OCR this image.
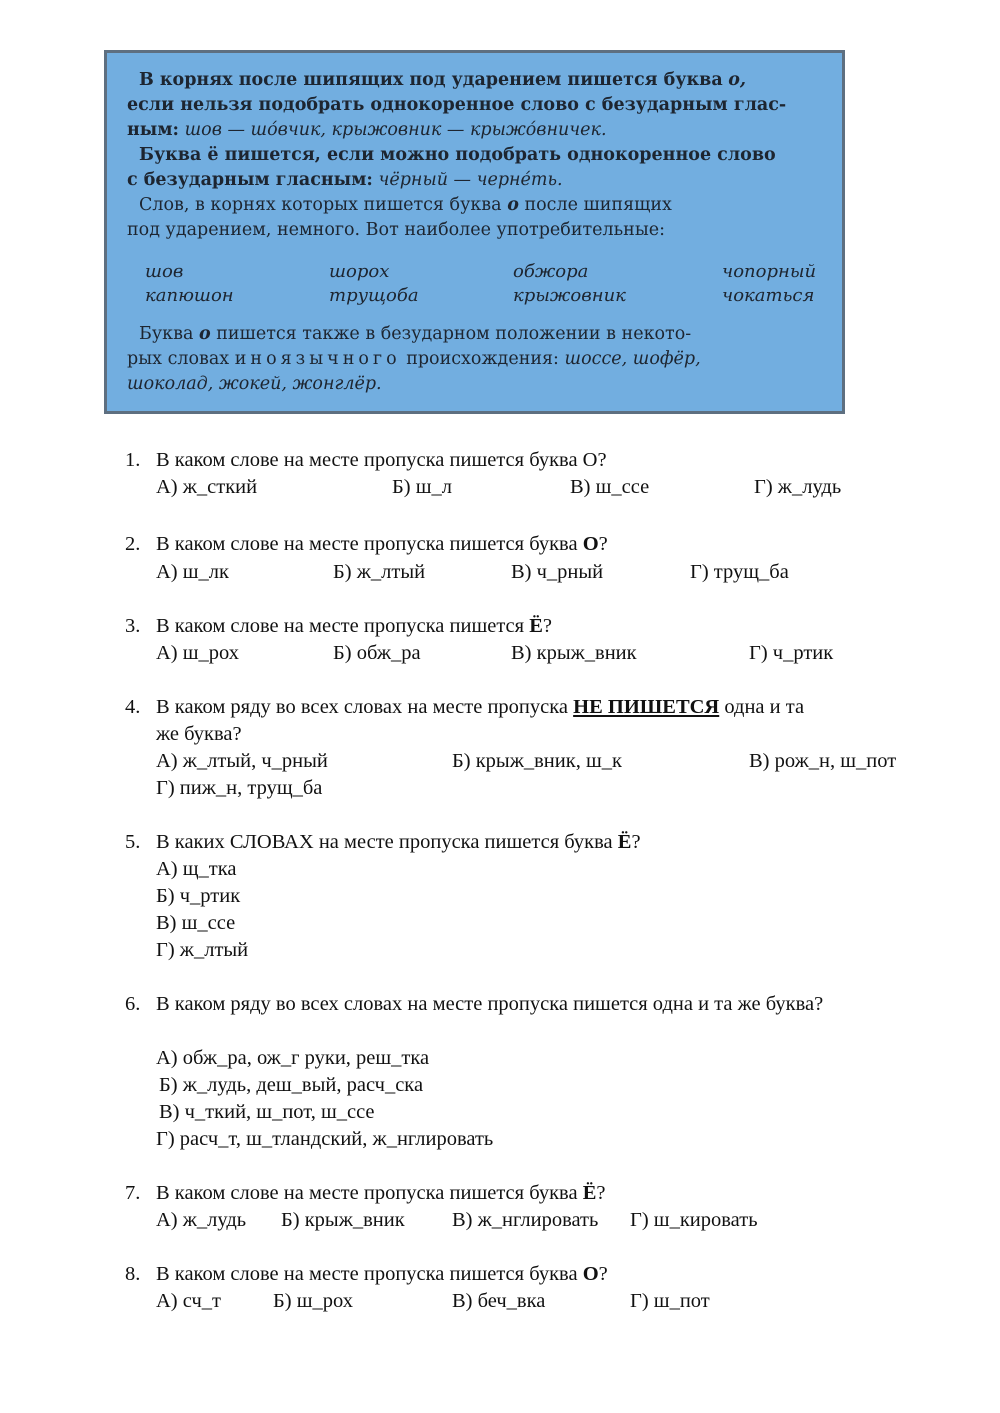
В корнях после шипящих под ударением пишется буква о,
если нельзя подобрать однокоренное слово с безударным глас-
ным: шов — шо́вчик, крыжовник — крыжо́вничек.
Буква ё пишется, если можно подобрать однокоренное слово
с безударным гласным: чёрный — черне́ть.
Слов, в корнях которых пишется буква о после шипящих
под ударением, немного. Вот наиболее употребительные:
шов	шорох	обжора	чопорный
капюшон	трущоба	крыжовник	чокаться
Буква о пишется также в безударном положении в некото-
рых словах иноязычного происхождения: шоссе, шофёр,
шоколад, жокей, жонглёр.
1. В каком слове на месте пропуска пишется буква О?
А) ж_сткий	Б) ш_л	В) ш_ссе	Г) ж_лудь
2. В каком слове на месте пропуска пишется буква О?
А) ш_лк	Б) ж_лтый	В) ч_рный	Г) трущ_ба
3. В каком слове на месте пропуска пишется Ё?
А) ш_рох	Б) обж_ра	В) крыж_вник	Г) ч_ртик
4. В каком ряду во всех словах на месте пропуска НЕ ПИШЕТСЯ одна и та
же буква?
А) ж_лтый, ч_рный	Б) крыж_вник, ш_к	В) рож_н, ш_пот
Г) пиж_н, трущ_ба
5. В каких СЛОВАХ на месте пропуска пишется буква Ё?
А) щ_тка
Б) ч_ртик
В) ш_ссе
Г) ж_лтый
6. В каком ряду во всех словах на месте пропуска пишется одна и та же буква?
А) обж_ра, ож_г руки, реш_тка
Б) ж_лудь, деш_вый, расч_ска
В) ч_ткий, ш_пот, ш_ссе
Г) расч_т, ш_тландский, ж_нглировать
7. В каком слове на месте пропуска пишется буква Ё?
А) ж_лудь Б) крыж_вник В) ж_нглировать Г) ш_кировать
8. В каком слове на месте пропуска пишется буква О?
А) сч_т	Б) ш_рох	В) беч_вка	Г) ш_пот
